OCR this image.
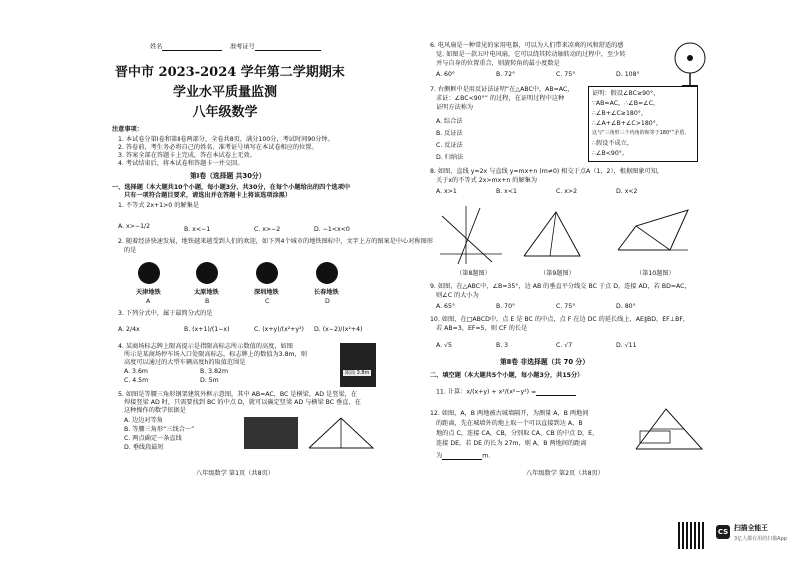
姓名	准考证号
晋中市 2023-2024 学年第二学期期末
学业水平质量监测
八年级数学
注意事项：
1. 本试卷分第Ⅰ卷和第Ⅱ卷两部分，全卷共8页，满分100分，考试时间90分钟。
2. 答卷前，考生务必将自己的姓名、准考证号填写在本试卷相应的位置。
3. 答案全部在答题卡上完成，答在本试卷上无效。
4. 考试结束后，将本试卷和答题卡一并交回。
第Ⅰ卷（选择题 共30分）
一、选择题（本大题共10个小题，每小题3分，共30分，在每个小题给出的四个选项中
只有一项符合题目要求，请选出并在答题卡上将该选项涂黑）
1. 不等式 2x+1>0 的解集是
A. x>−1/2	B. x<−1	C. x>−2	D. −1<x<0
2. 随着经济快速发展，地铁越来越受到人们的欢迎，如下列4个城市的地铁图标中，文字上方的图案是中心对称图形
的是
天津地铁	太原地铁	深圳地铁	长春地铁
A	B	C	D
3. 下列分式中，属于最简分式的是
A. 2/4x	B. (x+1)/(1−x)	C. (x+y)/(x²+y²) D. (x−2)/(x²+4)
4. 某商场标志牌上限高提示是指限高标志所示数值的高度，如图
所示是某商场停车场入口处限高标志，标志牌上的数值为3.8m，则
高度可以通过的大型车辆高度h的取值范围是
A. 3.6m	B. 3.82m
C. 4.5m	D. 5m
限高 3.8m
5. 如图是等腰三角形钢架建筑外框示意图，其中 AB=AC，BC 是横梁，AD 是竖梁，在
焊接竖梁 AD 时，只需要找到 BC 的中点 D，就可以确定竖梁 AD 与横梁 BC 垂直，在
这种操作的数学依据是
A. 边边对等角
B. 等腰三角形“三线合一”
C. 两点确定一条直线
D. 垂线段最短
八年级数学 第1页（共8页）
6. 电风扇是一种常见的家用电器，可以为人们带来凉爽的风和舒适的感
觉. 如图是一款五叶电风扇，它可以绕其转动轴转动的过程中，至少转
并与自身的位置重合，则旋转角的最小度数是
A. 60°	B. 72°	C. 75°	D. 108°
7. 右侧框中是用反证法证明“在△ABC中，AB=AC，
求证：∠BC<90°” 的过程，在证明过程中这种
证明方法称为
A. 综合法
B. 反证法
C. 反证法
D. 归纳法
证明：假设∠BC≥90°，
∵AB=AC，∴∠B=∠C，
∴∠B+∠C≥180°，
∴∠A+∠B+∠C>180°，
这与“三角形三个内角的和等于180°”矛盾，
∴假设不成立，
∴∠B<90°。
8. 如图，直线 y=2x 与直线 y=mx+n (m≠0) 相交于点A（1，2），根据图象可知，
关于x的不等式 2x>mx+n 的解集为
A. x>1	B. x<1	C. x>2	D. x<2
（第8题图）	（第9题图）	（第10题图）
9. 如图，在△ABC中，∠B=35°，边 AB 的垂直平分线交 BC 于点 D，连接 AD，若 BD=AC，
则∠C 的大小为
A. 65°	B. 70°	C. 75°	D. 80°
10. 如图，在□ABCD中，点 E 是 BC 的中点，点 F 在边 DC 的延长线上，AE∥BD，EF⊥BF，
若 AB=3，EF=5，则 CF 的长是
A. √5	B. 3	C. √7	D. √11
第Ⅱ卷 非选择题（共 70 分）
二、填空题（本大题共5个小题，每小题3分，共15分）
11. 计算：x/(x+y) + x²/(x²−y²) =
12. 如图，A，B 两地被古城墙隔开，为测量 A，B 两地间
的距离，先在城墙外的地上取一个可以直接到达 A，B
地的点 C，连接 CA，CB，分别取 CA，CB 的中点 D，E，
连接 DE，若 DE 的长为 27m，则 A，B 两地间的距离
为	m.
八年级数学 第2页（共8页）
CS 扫描全能王
3亿人都在用的扫描App
